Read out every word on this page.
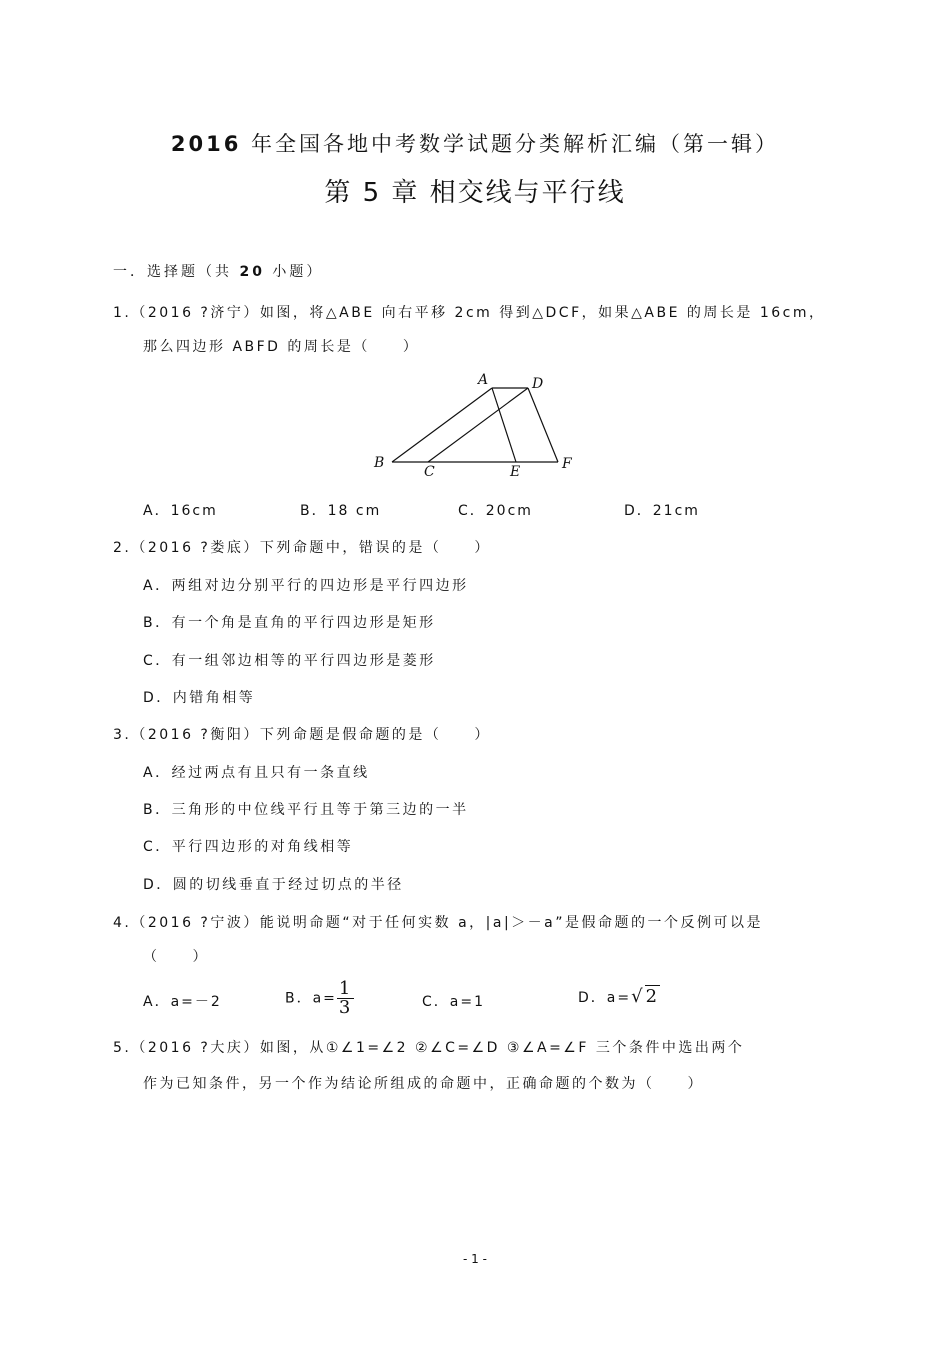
2016 年全国各地中考数学试题分类解析汇编（第一辑）
第 5 章 相交线与平行线
一．选择题（共 20 小题）
1.（2016 ?济宁）如图，将△ABE 向右平移 2cm 得到△DCF，如果△ABE 的周长是 16cm，
那么四边形 ABFD 的周长是（　　）
A	D
B
C	E	F
A．16cm	B．18 cm	C．20cm	D．21cm
2.（2016 ?娄底）下列命题中，错误的是（　　）
A．两组对边分别平行的四边形是平行四边形
B．有一个角是直角的平行四边形是矩形
C．有一组邻边相等的平行四边形是菱形
D．内错角相等
3.（2016 ?衡阳）下列命题是假命题的是（　　）
A．经过两点有且只有一条直线
B．三角形的中位线平行且等于第三边的一半
C．平行四边形的对角线相等
D．圆的切线垂直于经过切点的半径
4.（2016 ?宁波）能说明命题“对于任何实数 a，|a|＞－a”是假命题的一个反例可以是
（　　）
A．a=－2	B．$a= \frac{1}{3}$	C．a=1	D．a=√2
5.（2016 ?大庆）如图，从①∠1=∠2 ②∠C=∠D ③∠A=∠F 三个条件中选出两个
作为已知条件，另一个作为结论所组成的命题中，正确命题的个数为（　　）
- 1 -
